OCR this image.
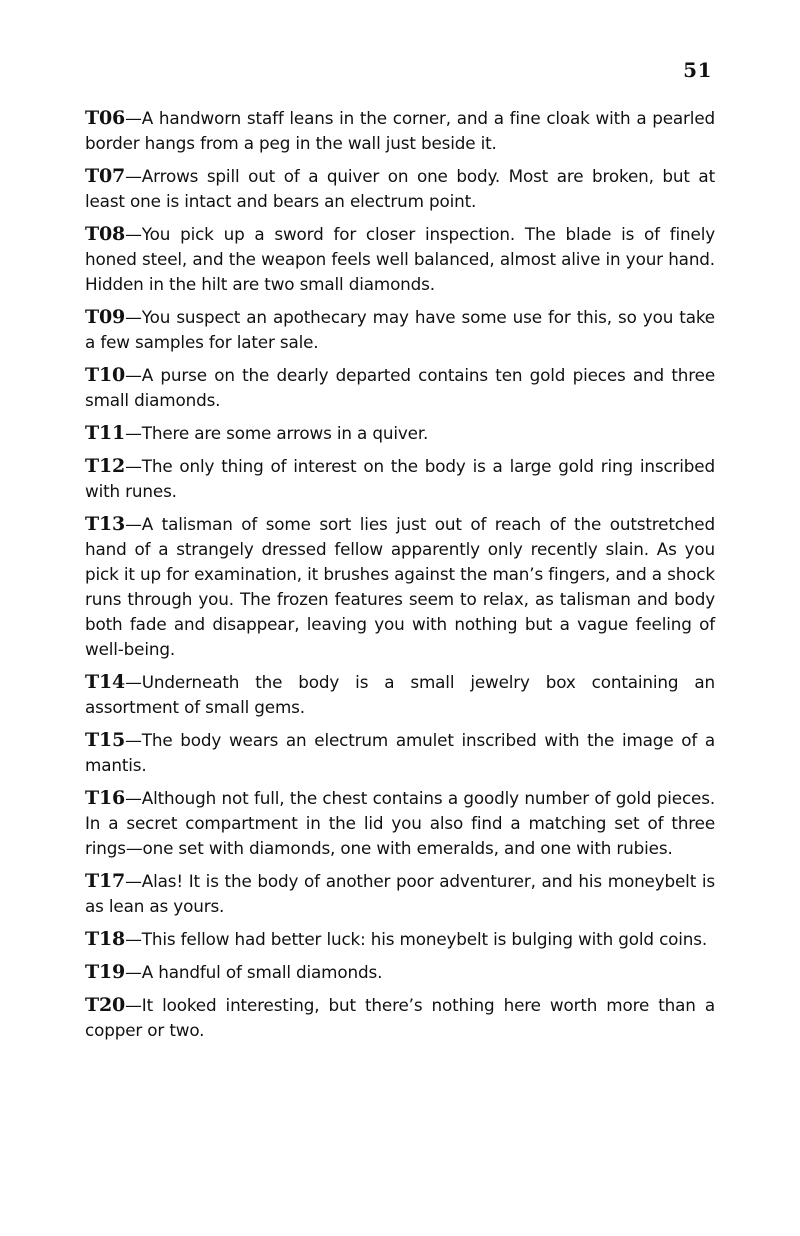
51

T06—A handworn staff leans in the corner, and a fine cloak with a pearled border hangs from a peg in the wall just beside it.

T07—Arrows spill out of a quiver on one body. Most are broken, but at least one is intact and bears an electrum point.

T08—You pick up a sword for closer inspection. The blade is of finely honed steel, and the weapon feels well balanced, almost alive in your hand. Hidden in the hilt are two small diamonds.

T09—You suspect an apothecary may have some use for this, so you take a few samples for later sale.

T10—A purse on the dearly departed contains ten gold pieces and three small diamonds.

T11—There are some arrows in a quiver.

T12—The only thing of interest on the body is a large gold ring inscribed with runes.

T13—A talisman of some sort lies just out of reach of the outstretched hand of a strangely dressed fellow apparently only recently slain. As you pick it up for examination, it brushes against the man’s fingers, and a shock runs through you. The frozen features seem to relax, as talisman and body both fade and disappear, leaving you with nothing but a vague feeling of well-being.

T14—Underneath the body is a small jewelry box containing an assortment of small gems.

T15—The body wears an electrum amulet inscribed with the image of a mantis.

T16—Although not full, the chest contains a goodly number of gold pieces. In a secret compartment in the lid you also find a matching set of three rings—one set with diamonds, one with emeralds, and one with rubies.

T17—Alas! It is the body of another poor adventurer, and his moneybelt is as lean as yours.

T18—This fellow had better luck: his moneybelt is bulging with gold coins.

T19—A handful of small diamonds.

T20—It looked interesting, but there’s nothing here worth more than a copper or two.
